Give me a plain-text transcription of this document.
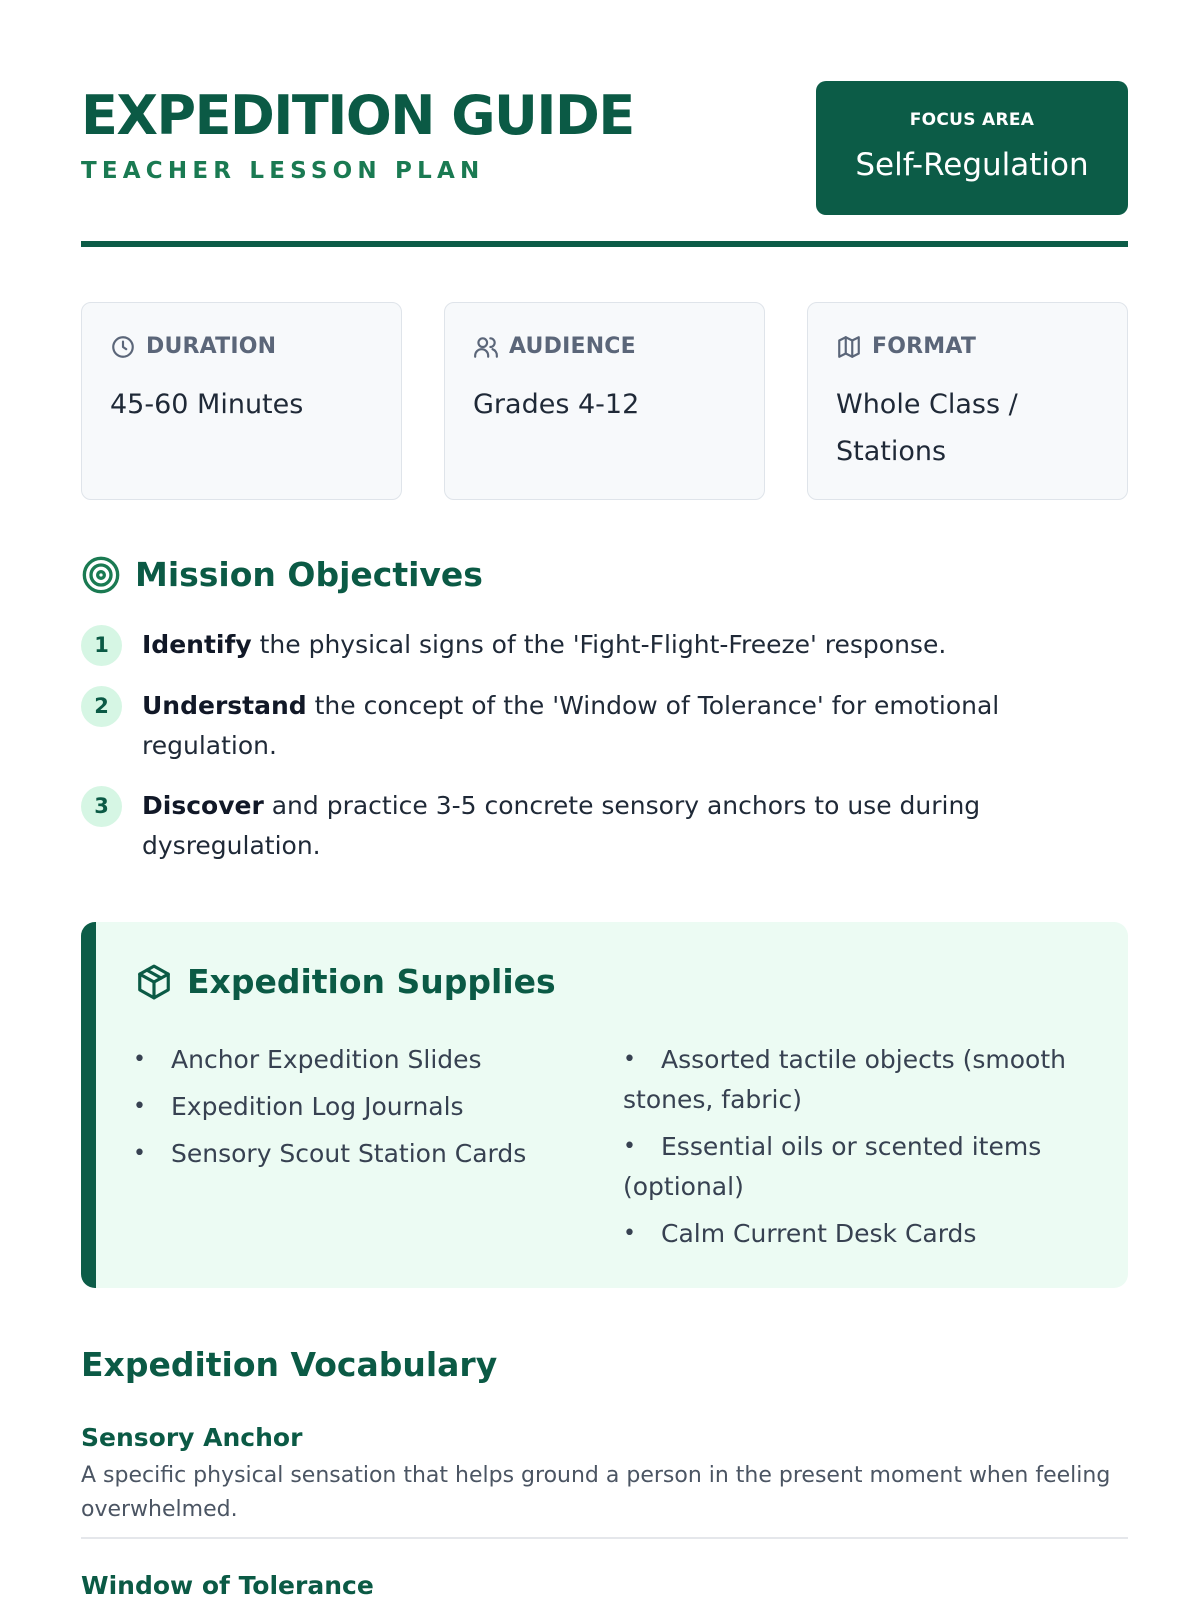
EXPEDITION GUIDE
TEACHER LESSON PLAN
FOCUS AREA
Self-Regulation
DURATION
45-60 Minutes
AUDIENCE
Grades 4-12
FORMAT
Whole Class / Stations
Mission Objectives
1	Identify the physical signs of the 'Fight-Flight-Freeze' response.
2	Understand the concept of the 'Window of Tolerance' for emotional regulation.
3	Discover and practice 3-5 concrete sensory anchors to use during dysregulation.
Expedition Supplies
• Anchor Expedition Slides
• Expedition Log Journals
• Sensory Scout Station Cards
• Assorted tactile objects (smooth stones, fabric)
• Essential oils or scented items (optional)
• Calm Current Desk Cards
Expedition Vocabulary
Sensory Anchor
A specific physical sensation that helps ground a person in the present moment when feeling overwhelmed.
Window of Tolerance
